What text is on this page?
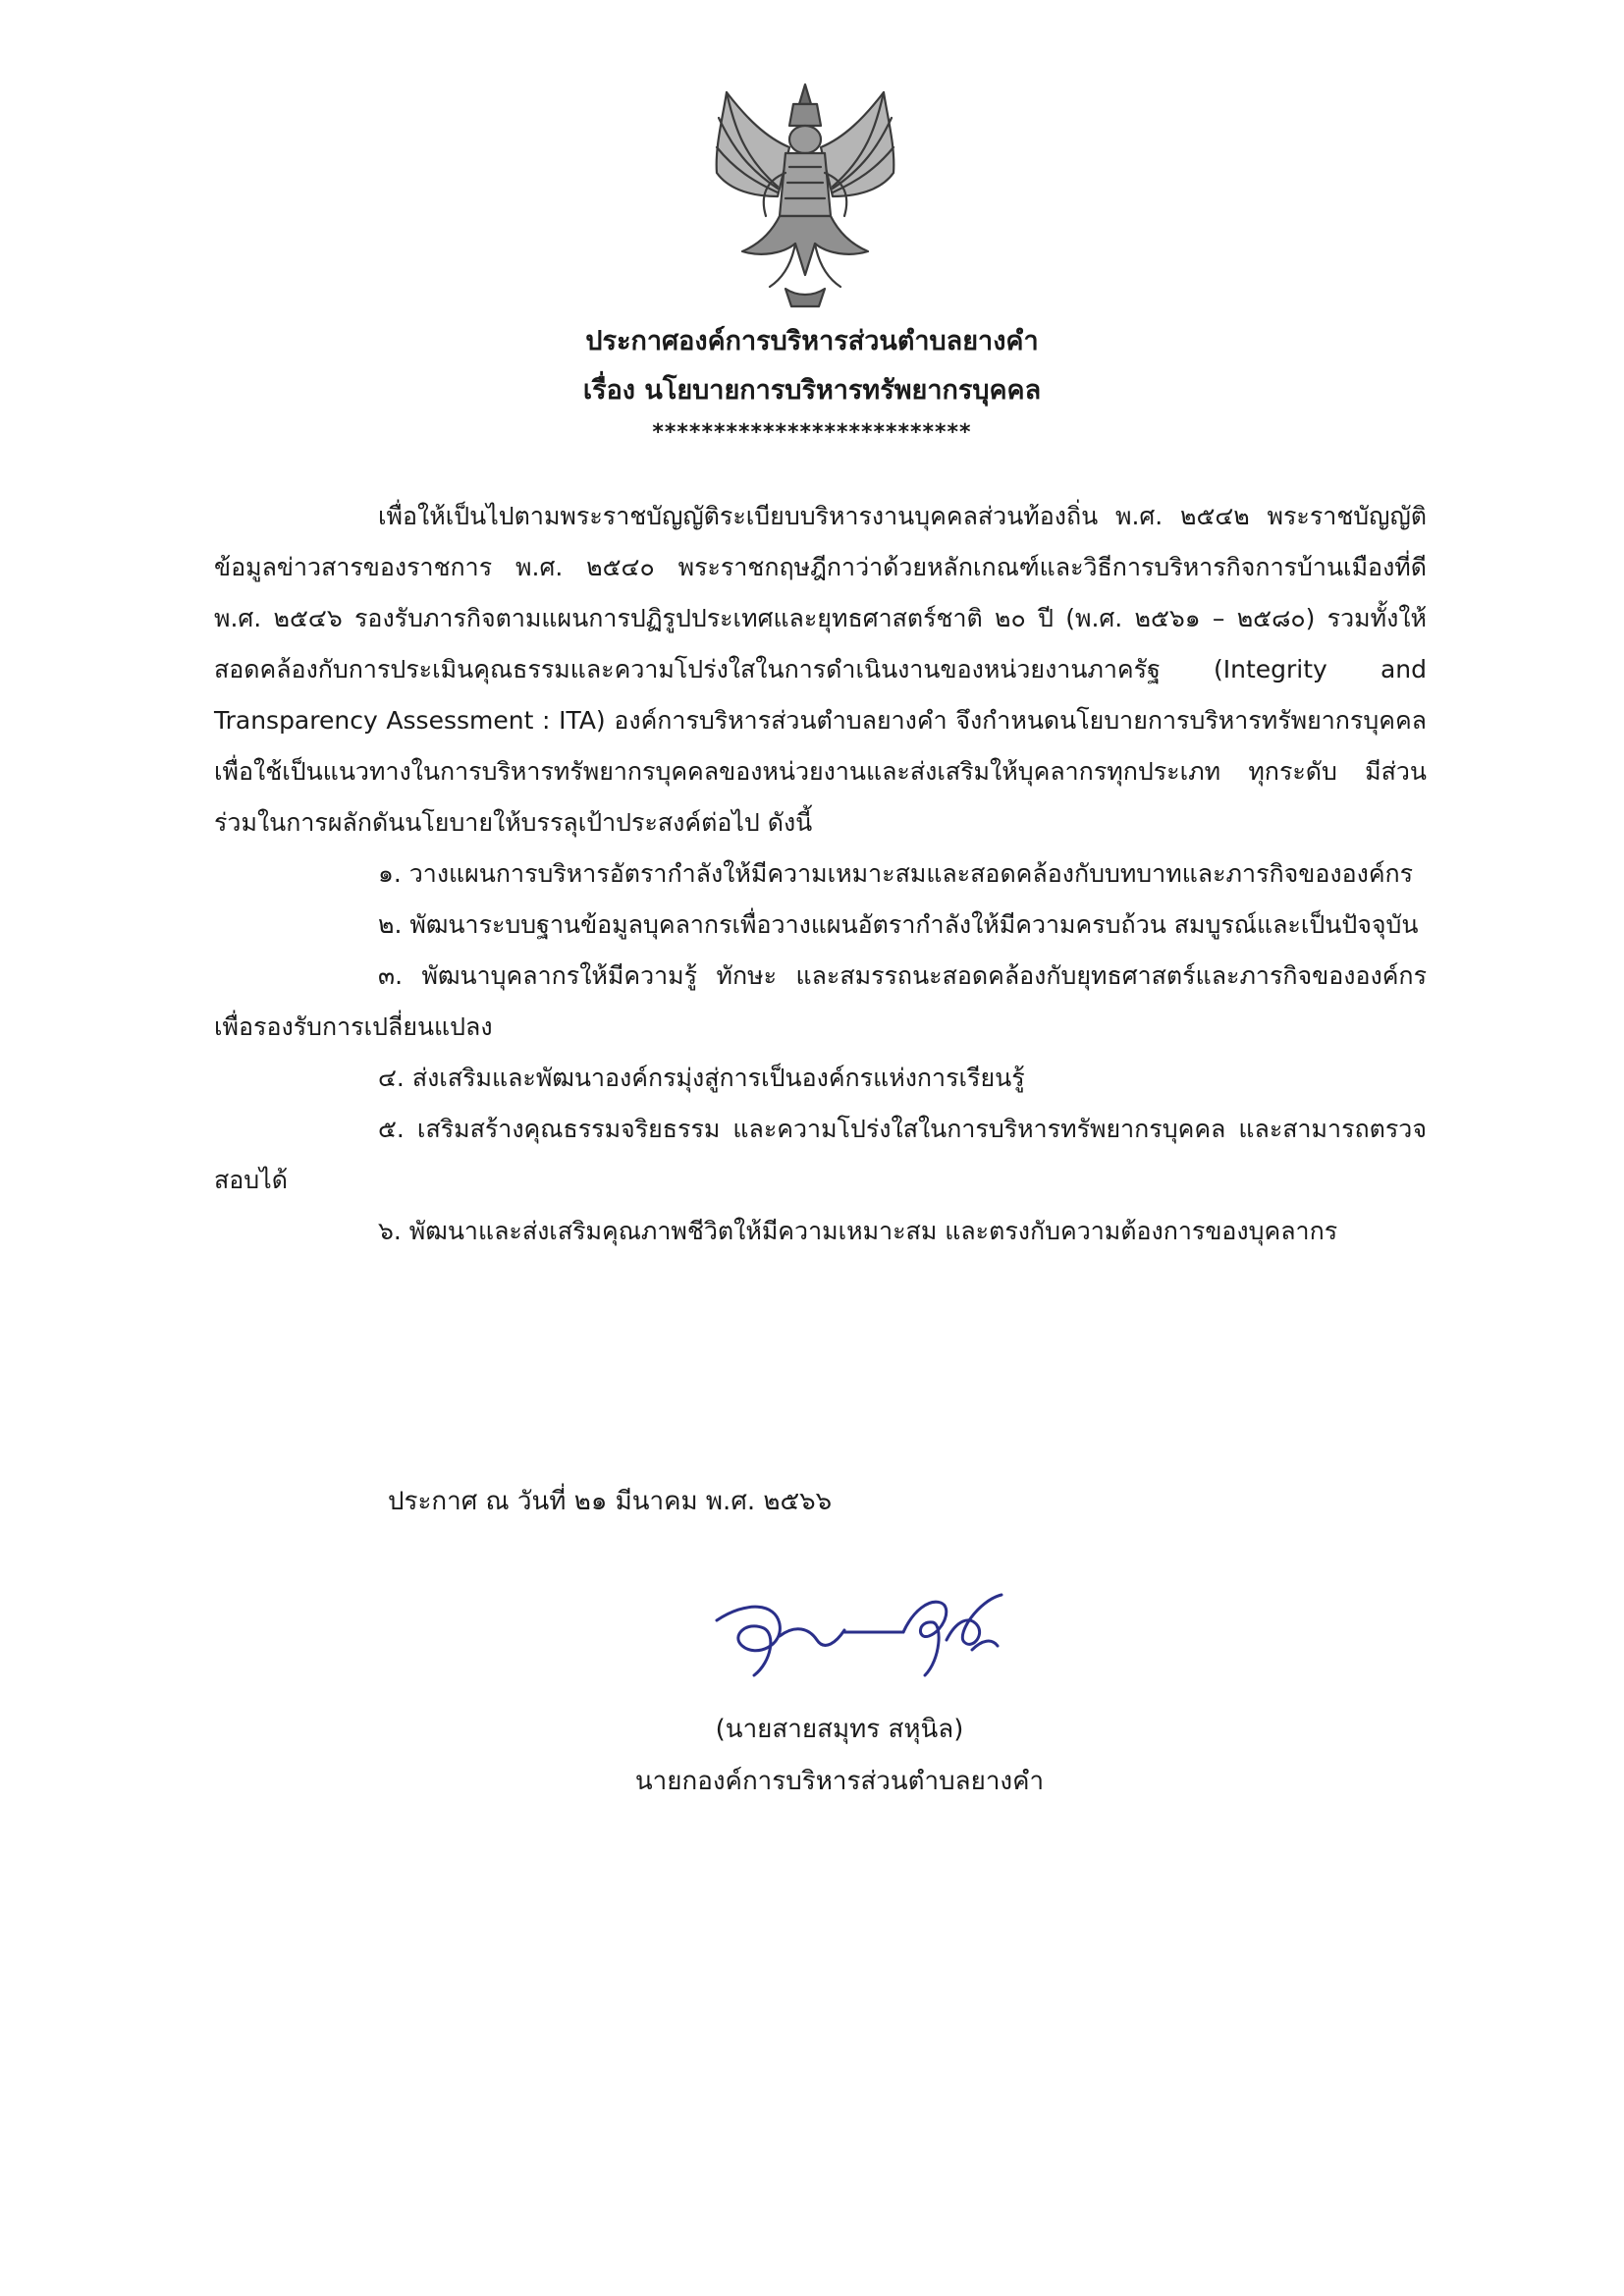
ประกาศองค์การบริหารส่วนตำบลยางคำ
เรื่อง นโยบายการบริหารทรัพยากรบุคคล
**************************

เพื่อให้เป็นไปตามพระราชบัญญัติระเบียบบริหารงานบุคคลส่วนท้องถิ่น พ.ศ. ๒๕๔๒ พระราชบัญญัติข้อมูลข่าวสารของราชการ พ.ศ. ๒๕๔๐ พระราชกฤษฎีกาว่าด้วยหลักเกณฑ์และวิธีการบริหารกิจการบ้านเมืองที่ดี พ.ศ. ๒๕๔๖ รองรับภารกิจตามแผนการปฏิรูปประเทศและยุทธศาสตร์ชาติ ๒๐ ปี (พ.ศ. ๒๕๖๑ – ๒๕๘๐) รวมทั้งให้สอดคล้องกับการประเมินคุณธรรมและความโปร่งใสในการดำเนินงานของหน่วยงานภาครัฐ (Integrity and Transparency Assessment : ITA) องค์การบริหารส่วนตำบลยางคำ จึงกำหนดนโยบายการบริหารทรัพยากรบุคคล เพื่อใช้เป็นแนวทางในการบริหารทรัพยากรบุคคลของหน่วยงานและส่งเสริมให้บุคลากรทุกประเภท ทุกระดับ มีส่วนร่วมในการผลักดันนโยบายให้บรรลุเป้าประสงค์ต่อไป ดังนี้

๑. วางแผนการบริหารอัตรากำลังให้มีความเหมาะสมและสอดคล้องกับบทบาทและภารกิจขององค์กร

๒. พัฒนาระบบฐานข้อมูลบุคลากรเพื่อวางแผนอัตรากำลังให้มีความครบถ้วน สมบูรณ์และเป็นปัจจุบัน

๓. พัฒนาบุคลากรให้มีความรู้ ทักษะ และสมรรถนะสอดคล้องกับยุทธศาสตร์และภารกิจขององค์กร เพื่อรองรับการเปลี่ยนแปลง

๔. ส่งเสริมและพัฒนาองค์กรมุ่งสู่การเป็นองค์กรแห่งการเรียนรู้

๕. เสริมสร้างคุณธรรมจริยธรรม และความโปร่งใสในการบริหารทรัพยากรบุคคล และสามารถตรวจสอบได้

๖. พัฒนาและส่งเสริมคุณภาพชีวิตให้มีความเหมาะสม และตรงกับความต้องการของบุคลากร

ประกาศ ณ วันที่ ๒๑ มีนาคม พ.ศ. ๒๕๖๖
(นายสายสมุทร สหุนิล)
นายกองค์การบริหารส่วนตำบลยางคำ
